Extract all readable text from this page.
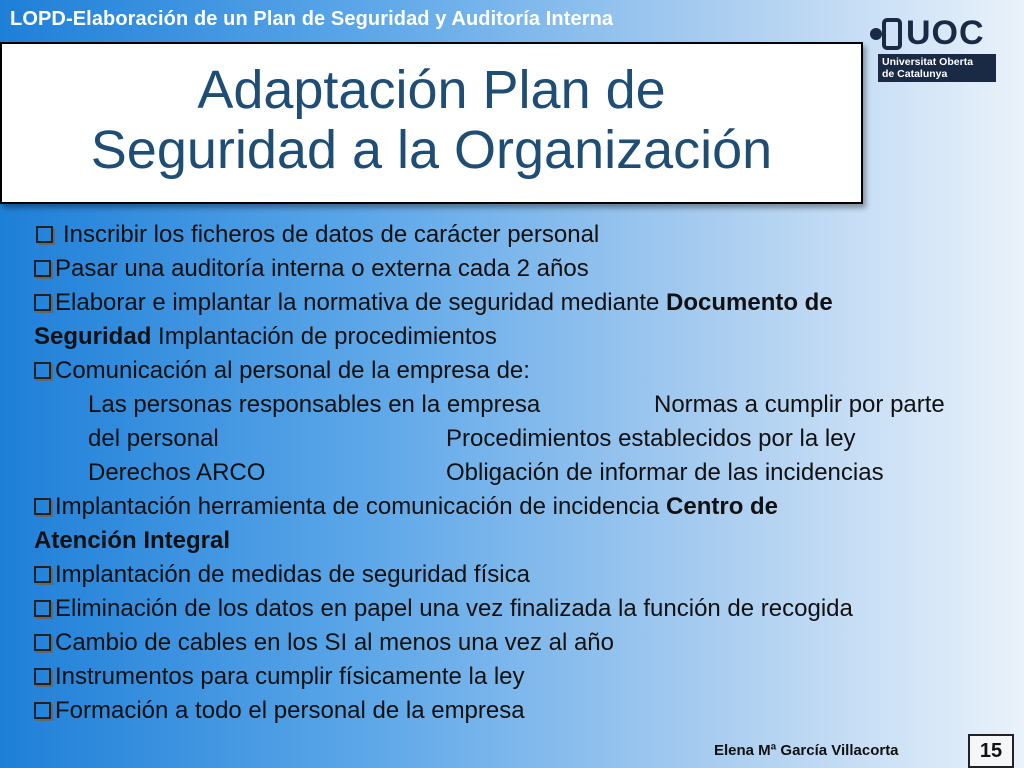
LOPD-Elaboración de un Plan de Seguridad y Auditoría Interna	UOC
Universitat Oberta
de Catalunya
Adaptación Plan de
Seguridad a la Organización
Inscribir los ficheros de datos de carácter personal
Pasar una auditoría interna o externa cada 2 años
Elaborar e implantar la normativa de seguridad mediante Documento de
Seguridad Implantación de procedimientos
Comunicación al personal de la empresa de:
Las personas responsables en la empresa	Normas a cumplir por parte
del personal	Procedimientos establecidos por la ley
Derechos ARCO	Obligación de informar de las incidencias
Implantación herramienta de comunicación de incidencia Centro de
Atención Integral
Implantación de medidas de seguridad física
Eliminación de los datos en papel una vez finalizada la función de recogida
Cambio de cables en los SI al menos una vez al año
Instrumentos para cumplir físicamente la ley
Formación a todo el personal de la empresa
Elena Mª García Villacorta	15
